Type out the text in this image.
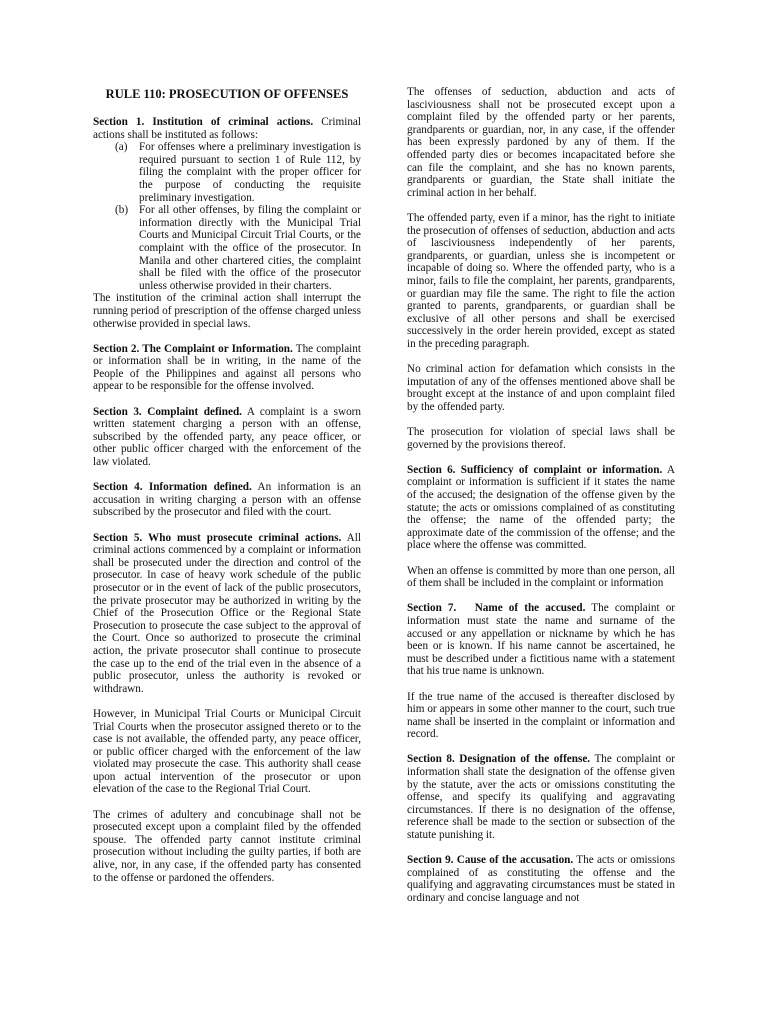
RULE 110: PROSECUTION OF OFFENSES

Section 1. Institution of criminal actions. Criminal actions shall be instituted as follows:

(a) For offenses where a preliminary investigation is required pursuant to section 1 of Rule 112, by filing the complaint with the proper officer for the purpose of conducting the requisite preliminary investigation.
(b) For all other offenses, by filing the complaint or information directly with the Municipal Trial Courts and Municipal Circuit Trial Courts, or the complaint with the office of the prosecutor. In Manila and other chartered cities, the complaint shall be filed with the office of the prosecutor unless otherwise provided in their charters.

The institution of the criminal action shall interrupt the running period of prescription of the offense charged unless otherwise provided in special laws.

Section 2. The Complaint or Information. The complaint or information shall be in writing, in the name of the People of the Philippines and against all persons who appear to be responsible for the offense involved.

Section 3. Complaint defined. A complaint is a sworn written statement charging a person with an offense, subscribed by the offended party, any peace officer, or other public officer charged with the enforcement of the law violated.

Section 4. Information defined. An information is an accusation in writing charging a person with an offense subscribed by the prosecutor and filed with the court.

Section 5. Who must prosecute criminal actions. All criminal actions commenced by a complaint or information shall be prosecuted under the direction and control of the prosecutor. In case of heavy work schedule of the public prosecutor or in the event of lack of the public prosecutors, the private prosecutor may be authorized in writing by the Chief of the Prosecution Office or the Regional State Prosecution to prosecute the case subject to the approval of the Court. Once so authorized to prosecute the criminal action, the private prosecutor shall continue to prosecute the case up to the end of the trial even in the absence of a public prosecutor, unless the authority is revoked or withdrawn.

However, in Municipal Trial Courts or Municipal Circuit Trial Courts when the prosecutor assigned thereto or to the case is not available, the offended party, any peace officer, or public officer charged with the enforcement of the law violated may prosecute the case. This authority shall cease upon actual intervention of the prosecutor or upon elevation of the case to the Regional Trial Court.

The crimes of adultery and concubinage shall not be prosecuted except upon a complaint filed by the offended spouse. The offended party cannot institute criminal prosecution without including the guilty parties, if both are alive, nor, in any case, if the offended party has consented to the offense or pardoned the offenders.

The offenses of seduction, abduction and acts of lasciviousness shall not be prosecuted except upon a complaint filed by the offended party or her parents, grandparents or guardian, nor, in any case, if the offender has been expressly pardoned by any of them. If the offended party dies or becomes incapacitated before she can file the complaint, and she has no known parents, grandparents or guardian, the State shall initiate the criminal action in her behalf.

The offended party, even if a minor, has the right to initiate the prosecution of offenses of seduction, abduction and acts of lasciviousness independently of her parents, grandparents, or guardian, unless she is incompetent or incapable of doing so. Where the offended party, who is a minor, fails to file the complaint, her parents, grandparents, or guardian may file the same. The right to file the action granted to parents, grandparents, or guardian shall be exclusive of all other persons and shall be exercised successively in the order herein provided, except as stated in the preceding paragraph.

No criminal action for defamation which consists in the imputation of any of the offenses mentioned above shall be brought except at the instance of and upon complaint filed by the offended party.

The prosecution for violation of special laws shall be governed by the provisions thereof.

Section 6. Sufficiency of complaint or information. A complaint or information is sufficient if it states the name of the accused; the designation of the offense given by the statute; the acts or omissions complained of as constituting the offense; the name of the offended party; the approximate date of the commission of the offense; and the place where the offense was committed.

When an offense is committed by more than one person, all of them shall be included in the complaint or information

Section 7.   Name of the accused. The complaint or information must state the name and surname of the accused or any appellation or nickname by which he has been or is known. If his name cannot be ascertained, he must be described under a fictitious name with a statement that his true name is unknown.

If the true name of the accused is thereafter disclosed by him or appears in some other manner to the court, such true name shall be inserted in the complaint or information and record.

Section 8. Designation of the offense. The complaint or information shall state the designation of the offense given by the statute, aver the acts or omissions constituting the offense, and specify its qualifying and aggravating circumstances. If there is no designation of the offense, reference shall be made to the section or subsection of the statute punishing it.

Section 9. Cause of the accusation. The acts or omissions complained of as constituting the offense and the qualifying and aggravating circumstances must be stated in ordinary and concise language and not
